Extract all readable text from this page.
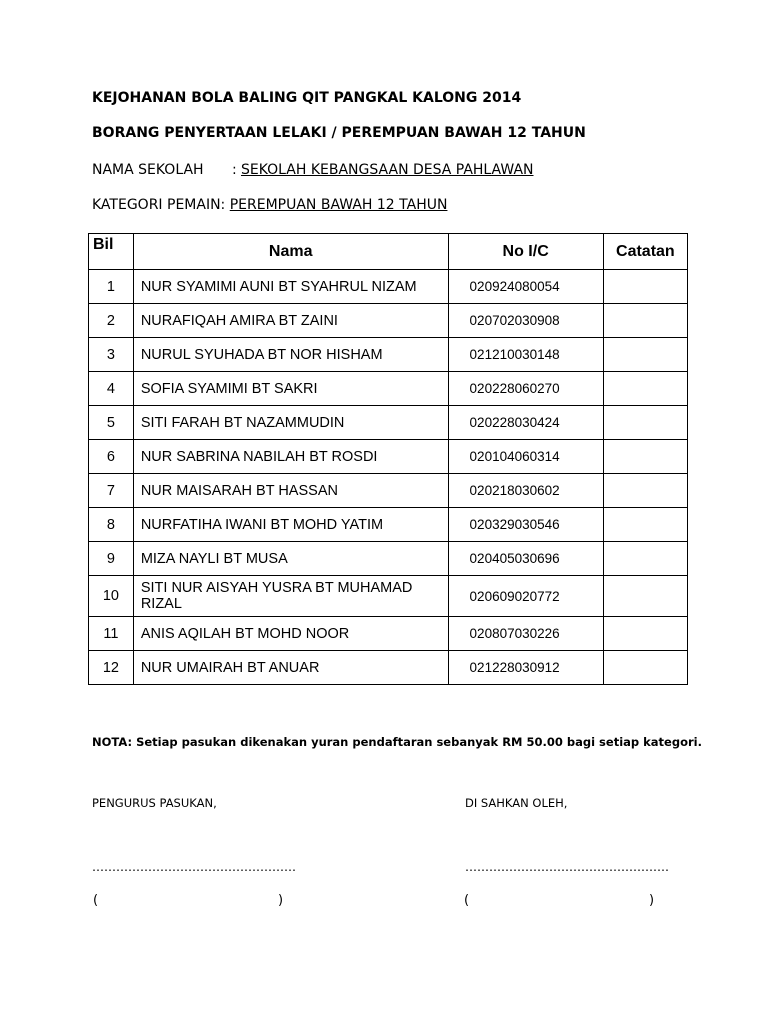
KEJOHANAN BOLA BALING QIT PANGKAL KALONG 2014
BORANG PENYERTAAN LELAKI / PEREMPUAN BAWAH 12 TAHUN
NAMA SEKOLAH : SEKOLAH KEBANGSAAN DESA PAHLAWAN
KATEGORI PEMAIN: PEREMPUAN BAWAH 12 TAHUN
Bil	Nama	No I/C	Catatan
1	NUR SYAMIMI AUNI BT SYAHRUL NIZAM	020924080054	
2	NURAFIQAH AMIRA BT ZAINI	020702030908	
3	NURUL SYUHADA BT NOR HISHAM	021210030148	
4	SOFIA SYAMIMI BT SAKRI	020228060270	
5	SITI FARAH BT NAZAMMUDIN	020228030424	
6	NUR SABRINA NABILAH BT ROSDI	020104060314	
7	NUR MAISARAH BT HASSAN	020218030602	
8	NURFATIHA IWANI BT MOHD YATIM	020329030546	
9	MIZA NAYLI BT MUSA	020405030696	
10	SITI NUR AISYAH YUSRA BT MUHAMAD RIZAL	020609020772	
11	ANIS AQILAH BT MOHD NOOR	020807030226	
12	NUR UMAIRAH BT ANUAR	021228030912	
NOTA: Setiap pasukan dikenakan yuran pendaftaran sebanyak RM 50.00 bagi setiap kategori.
PENGURUS PASUKAN,	DI SAHKAN OLEH,
……………………………………………	……………………………………………
(	)	(	)
